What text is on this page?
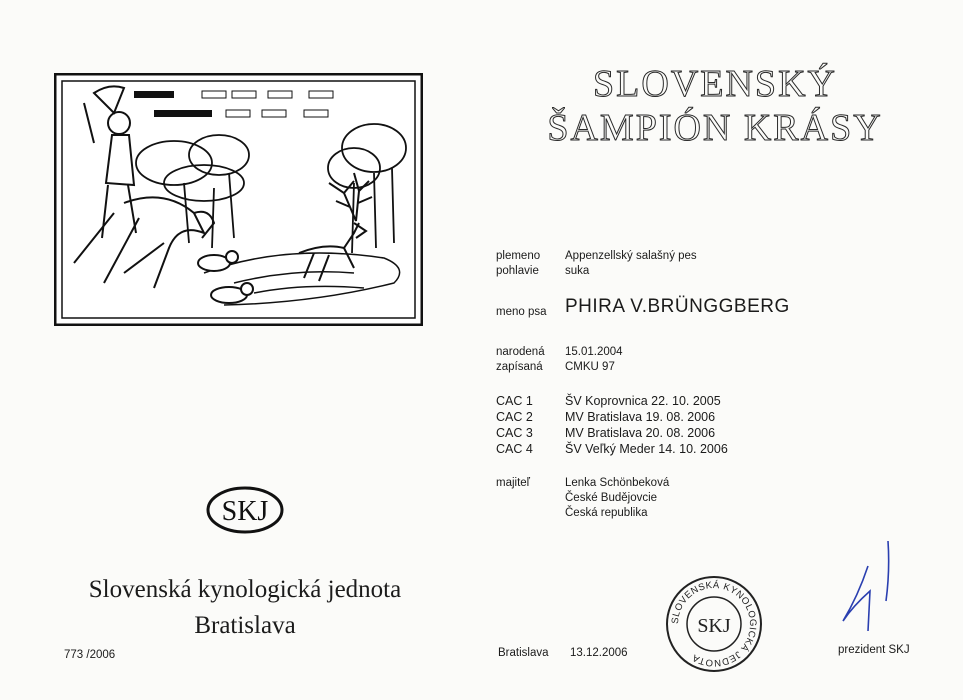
SLOVENSKÝ
ŠAMPIÓN KRÁSY
plemeno Appenzellský salašný pes
pohlavie suka
meno psa PHIRA V.BRÜNGGBERG
narodená 15.01.2004
zapísaná CMKU 97
CAC 1	ŠV Koprovnica 22. 10. 2005
CAC 2	MV Bratislava 19. 08. 2006
CAC 3	MV Bratislava 20. 08. 2006
CAC 4	ŠV Veľký Meder 14. 10. 2006
majiteľ	Lenka Schönbeková
České Budějovcie
Česká republika
SKJ
Slovenská kynologická jednota
Bratislava
773 /2006	Bratislava 13.12.2006	prezident SKJ
SLOVENSKÁ KYNOLOGICKÁ JEDNOTA
SKJ
